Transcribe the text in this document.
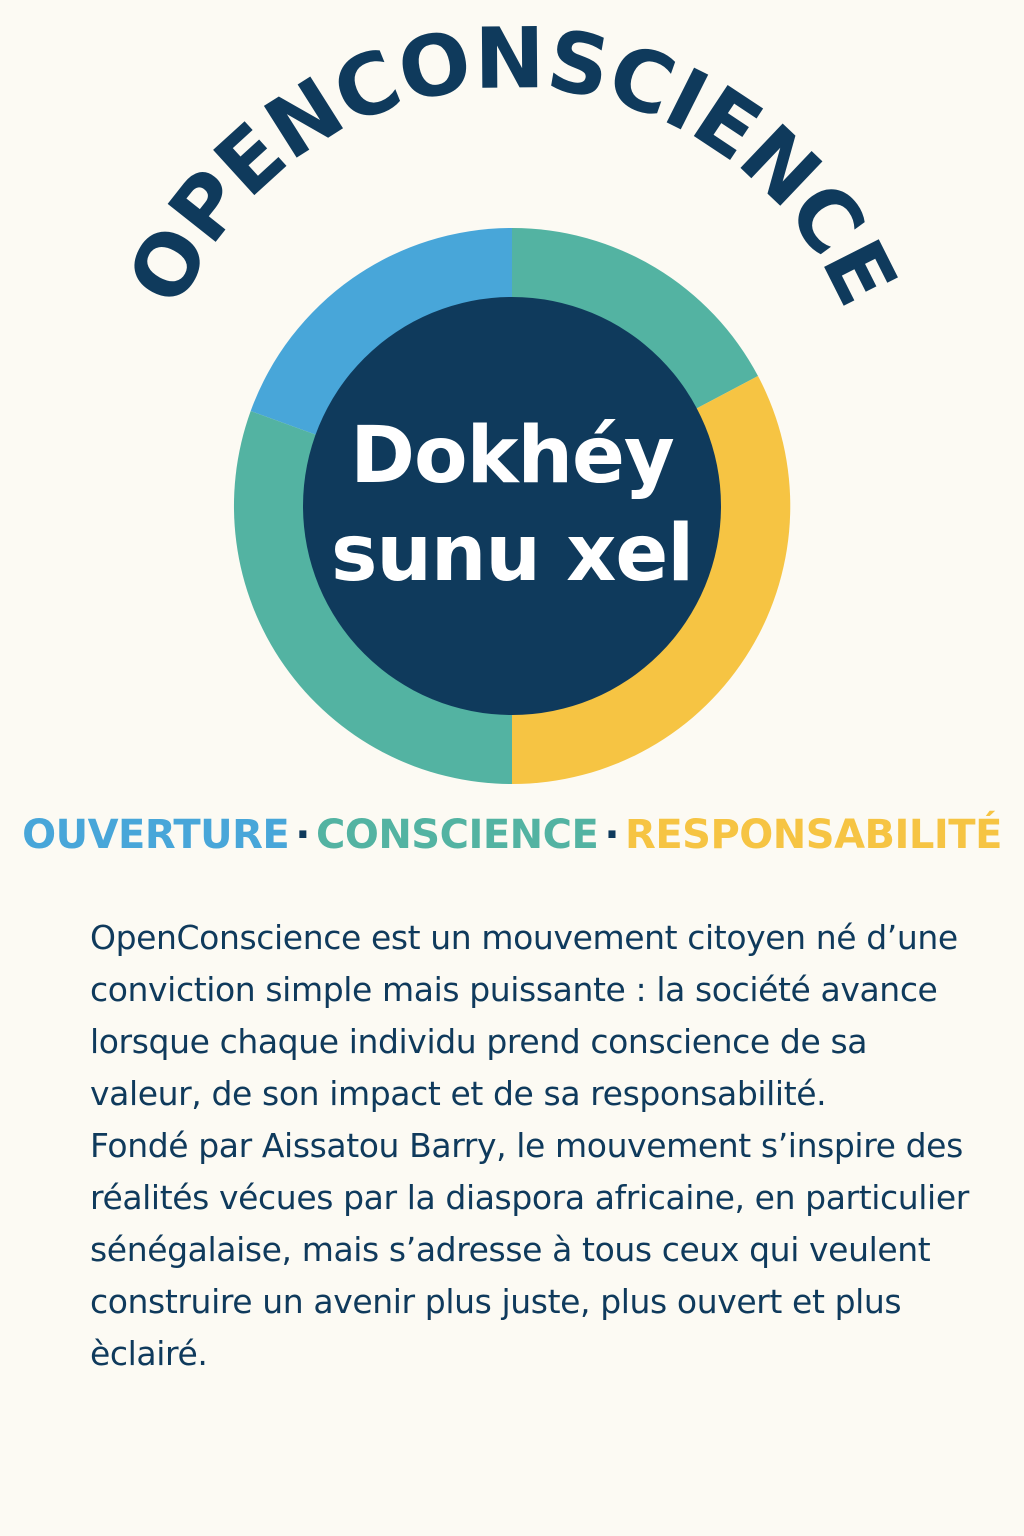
OPENCONSCIENCE
Dokhéy
sunu xel
OUVERTURE · CONSCIENCE · RESPONSABILITÉ

OpenConscience est un mouvement citoyen né d’une conviction simple mais puissante : la société avance lorsque chaque individu prend conscience de sa valeur, de son impact et de sa responsabilité.

Fondé par Aissatou Barry, le mouvement s’inspire des réalités vécues par la diaspora africaine, en particulier sénégalaise, mais s’adresse à tous ceux qui veulent construire un avenir plus juste, plus ouvert et plus èclairé.
